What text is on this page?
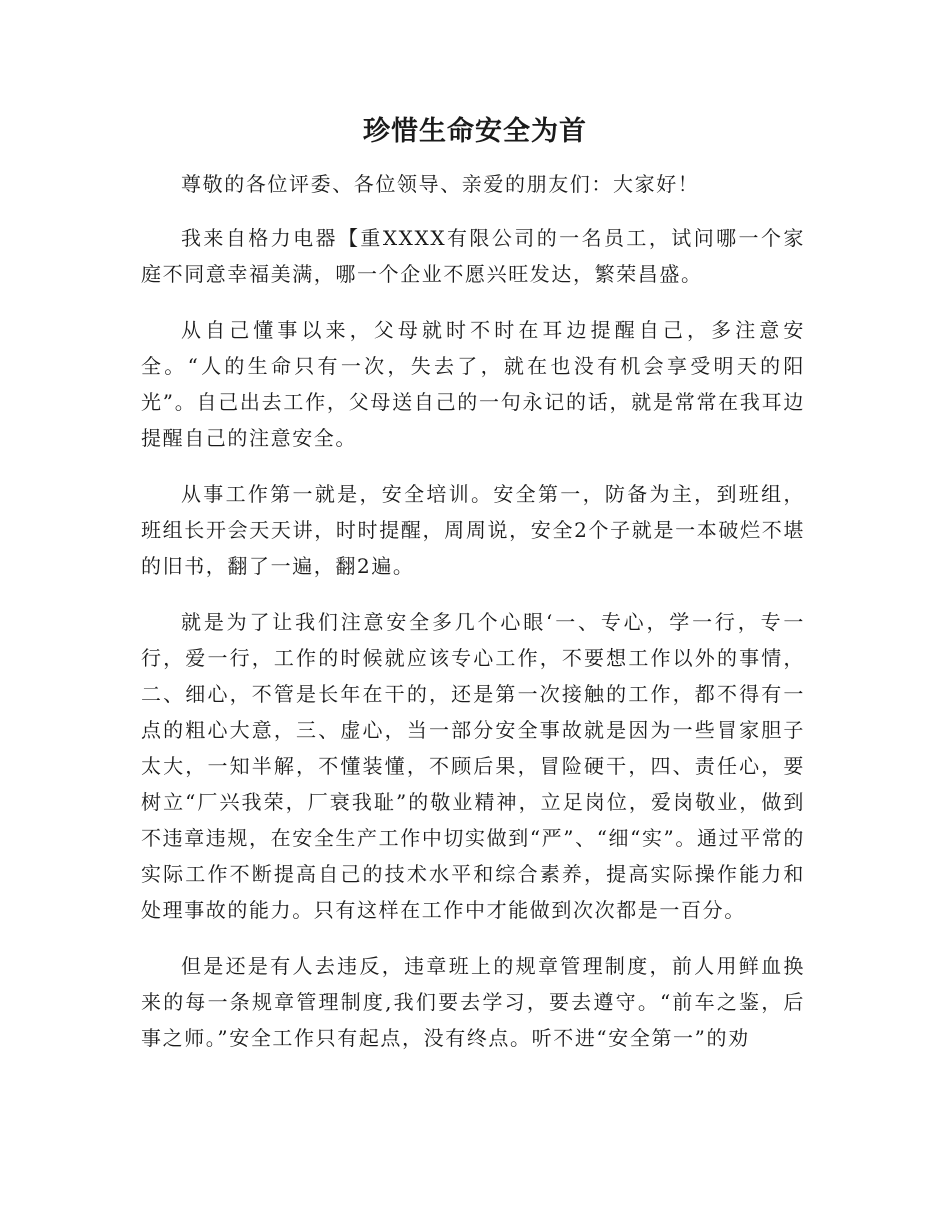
珍惜生命安全为首

尊敬的各位评委、各位领导、亲爱的朋友们：大家好！

我来自格力电器【重XXXX有限公司的一名员工，试问哪一个家庭不同意幸福美满，哪一个企业不愿兴旺发达，繁荣昌盛。

从自己懂事以来，父母就时不时在耳边提醒自己，多注意安全。“人的生命只有一次，失去了，就在也没有机会享受明天的阳光”。自己出去工作，父母送自己的一句永记的话，就是常常在我耳边提醒自己的注意安全。

从事工作第一就是，安全培训。安全第一，防备为主，到班组，班组长开会天天讲，时时提醒，周周说，安全2个子就是一本破烂不堪的旧书，翻了一遍，翻2遍。

就是为了让我们注意安全多几个心眼‘一、专心，学一行，专一行，爱一行，工作的时候就应该专心工作，不要想工作以外的事情，二、细心，不管是长年在干的，还是第一次接触的工作，都不得有一点的粗心大意，三、虚心，当一部分安全事故就是因为一些冒家胆子太大，一知半解，不懂装懂，不顾后果，冒险硬干，四、责任心，要树立“厂兴我荣，厂衰我耻”的敬业精神，立足岗位，爱岗敬业，做到不违章违规，在安全生产工作中切实做到“严”、“细“实”。通过平常的实际工作不断提高自己的技术水平和综合素养，提高实际操作能力和处理事故的能力。只有这样在工作中才能做到次次都是一百分。

但是还是有人去违反，违章班上的规章管理制度，前人用鲜血换来的每一条规章管理制度,我们要去学习，要去遵守。“前车之鉴，后事之师。”安全工作只有起点，没有终点。听不进“安全第一”的劝
